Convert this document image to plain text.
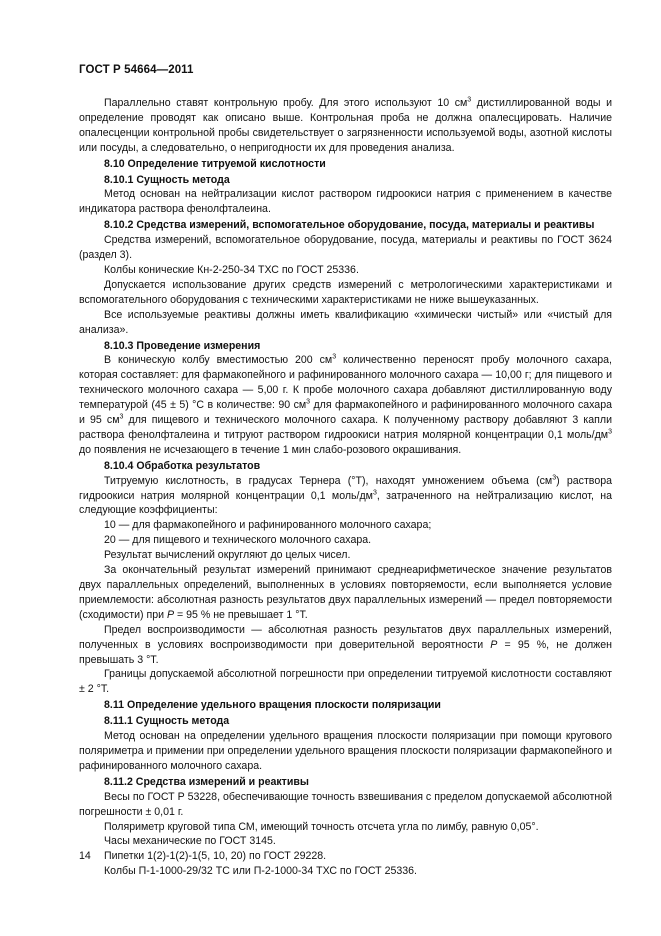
ГОСТ Р 54664—2011

Параллельно ставят контрольную пробу. Для этого используют 10 $см^3$ дистиллированной воды и определение проводят как описано выше. Контрольная проба не должна опалесцировать. Наличие опалесценции контрольной пробы свидетельствует о загрязненности используемой воды, азотной кислоты или посуды, а следовательно, о непригодности их для проведения анализа.

8.10 Определение титруемой кислотности

8.10.1 Сущность метода

Метод основан на нейтрализации кислот раствором гидроокиси натрия с применением в качестве индикатора раствора фенолфталеина.

8.10.2 Средства измерений, вспомогательное оборудование, посуда, материалы и реактивы

Средства измерений, вспомогательное оборудование, посуда, материалы и реактивы по ГОСТ 3624 (раздел 3).

Колбы конические Кн-2-250-34 ТХС по ГОСТ 25336.

Допускается использование других средств измерений с метрологическими характеристиками и вспомогательного оборудования с техническими характеристиками не ниже вышеуказанных.

Все используемые реактивы должны иметь квалификацию «химически чистый» или «чистый для анализа».

8.10.3 Проведение измерения

В коническую колбу вместимостью 200 $см^3$ количественно переносят пробу молочного сахара, которая составляет: для фармакопейного и рафинированного молочного сахара — 10,00 г; для пищевого и технического молочного сахара — 5,00 г. К пробе молочного сахара добавляют дистиллированную воду температурой (45 ± 5) °С в количестве: 90 $см^3$ для фармакопейного и рафинированного молочного сахара и 95 $см^3$ для пищевого и технического молочного сахара. К полученному раствору добавляют 3 капли раствора фенолфталеина и титруют раствором гидроокиси натрия молярной концентрации 0,1 моль/$дм^3$ до появления не исчезающего в течение 1 мин слабо-розового окрашивания.

8.10.4 Обработка результатов

Титруемую кислотность, в градусах Тернера (°Т), находят умножением объема $(см^3)$ раствора гидроокиси натрия молярной концентрации 0,1 моль/$дм^3$, затраченного на нейтрализацию кислот, на следующие коэффициенты:

10 — для фармакопейного и рафинированного молочного сахара;

20 — для пищевого и технического молочного сахара.

Результат вычислений округляют до целых чисел.

За окончательный результат измерений принимают среднеарифметическое значение результатов двух параллельных определений, выполненных в условиях повторяемости, если выполняется условие приемлемости: абсолютная разность результатов двух параллельных измерений — предел повторяемости (сходимости) при Р = 95 % не превышает 1 °Т.

Предел воспроизводимости — абсолютная разность результатов двух параллельных измерений, полученных в условиях воспроизводимости при доверительной вероятности Р = 95 %, не должен превышать 3 °Т.

Границы допускаемой абсолютной погрешности при определении титруемой кислотности составляют ± 2 °Т.

8.11 Определение удельного вращения плоскости поляризации

8.11.1 Сущность метода

Метод основан на определении удельного вращения плоскости поляризации при помощи кругового поляриметра и примении при определении удельного вращения плоскости поляризации фармакопейного и рафинированного молочного сахара.

8.11.2 Средства измерений и реактивы

Весы по ГОСТ Р 53228, обеспечивающие точность взвешивания с пределом допускаемой абсолютной погрешности ± 0,01 г.

Поляриметр круговой типа СМ, имеющий точность отсчета угла по лимбу, равную 0,05°.

Часы механические по ГОСТ 3145.

Пипетки 1(2)-1(2)-1(5, 10, 20) по ГОСТ 29228.

Колбы П-1-1000-29/32 ТС или П-2-1000-34 ТХС по ГОСТ 25336.

14
